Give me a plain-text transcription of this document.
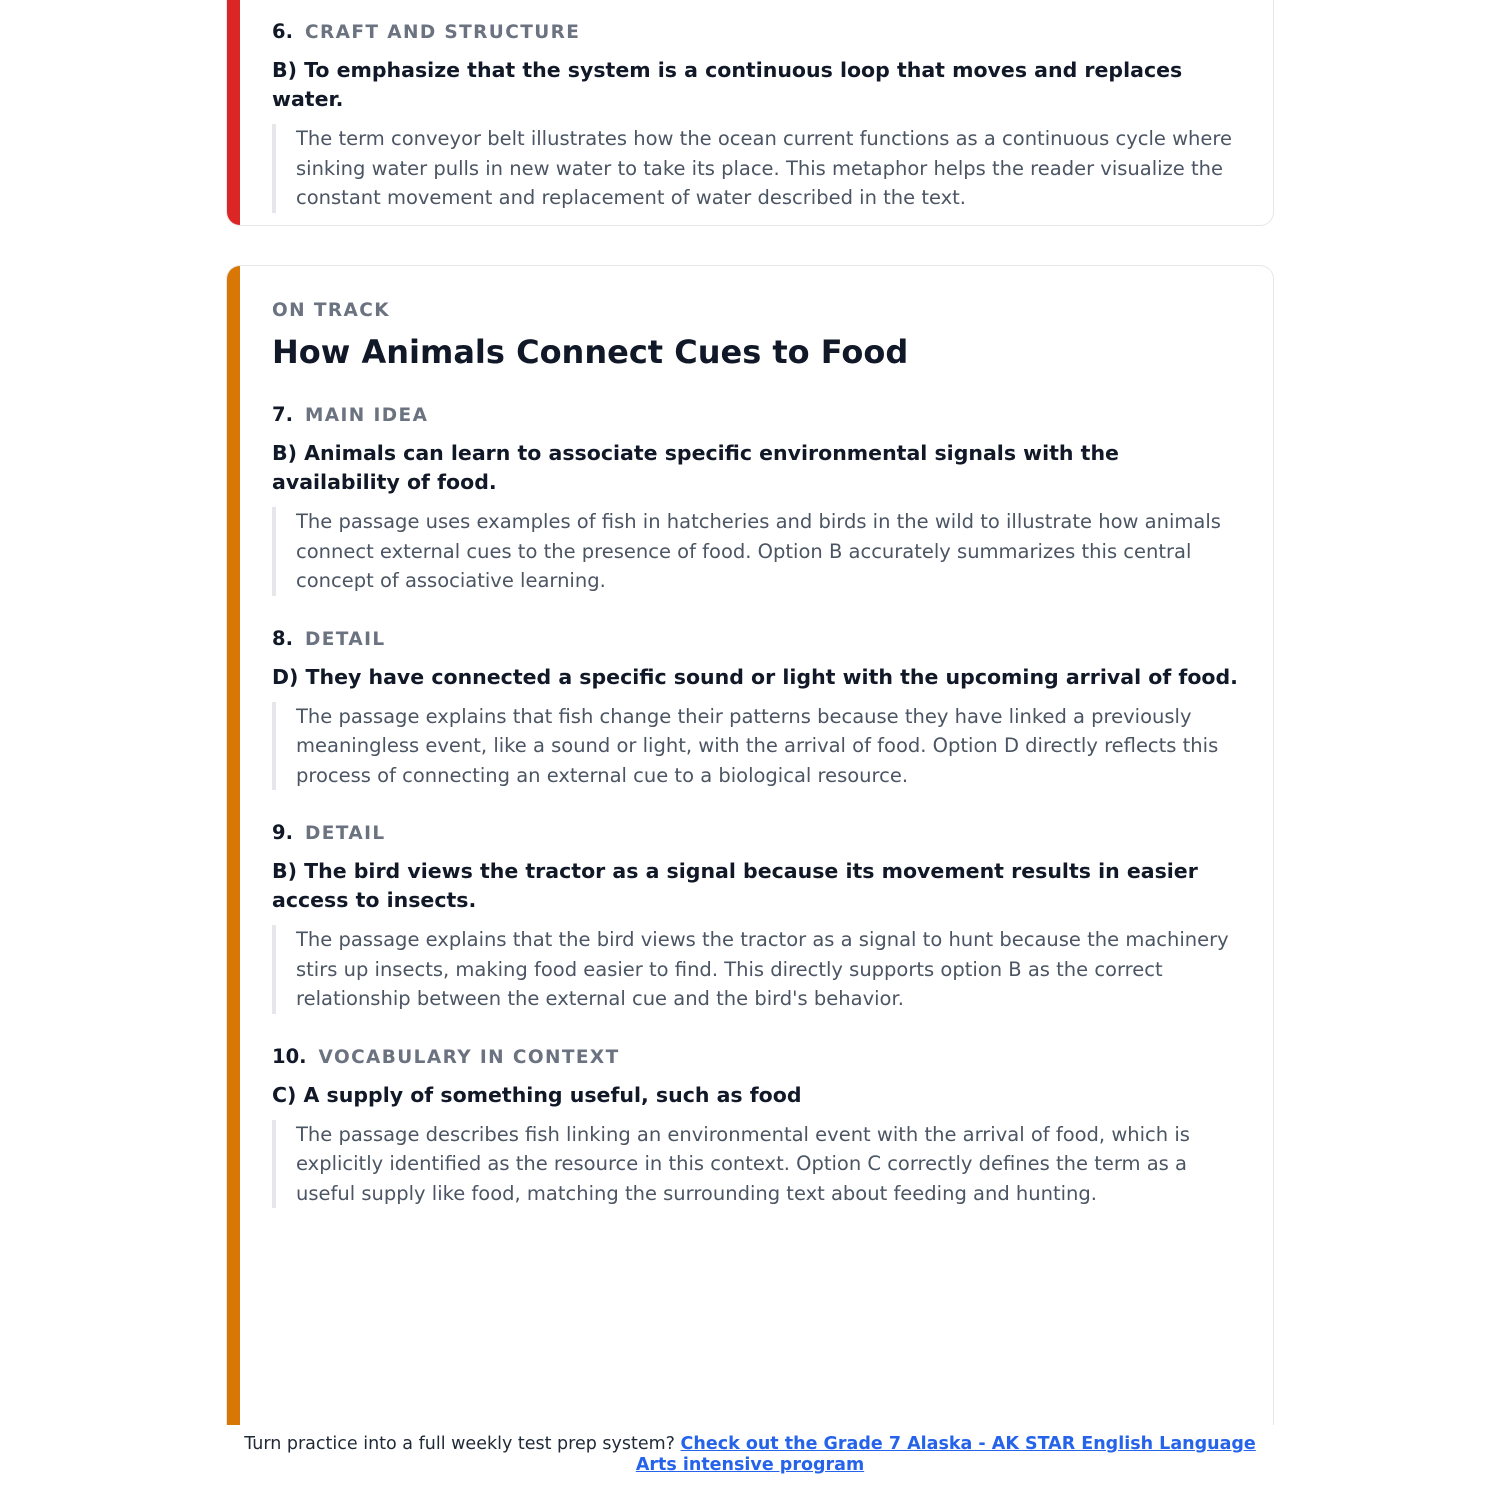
6. CRAFT AND STRUCTURE
B) To emphasize that the system is a continuous loop that moves and replaces water.
The term conveyor belt illustrates how the ocean current functions as a continuous cycle where sinking water pulls in new water to take its place. This metaphor helps the reader visualize the constant movement and replacement of water described in the text.
ON TRACK
How Animals Connect Cues to Food
7. MAIN IDEA
B) Animals can learn to associate specific environmental signals with the availability of food.
The passage uses examples of fish in hatcheries and birds in the wild to illustrate how animals connect external cues to the presence of food. Option B accurately summarizes this central concept of associative learning.
8. DETAIL
D) They have connected a specific sound or light with the upcoming arrival of food.
The passage explains that fish change their patterns because they have linked a previously meaningless event, like a sound or light, with the arrival of food. Option D directly reflects this process of connecting an external cue to a biological resource.
9. DETAIL
B) The bird views the tractor as a signal because its movement results in easier access to insects.
The passage explains that the bird views the tractor as a signal to hunt because the machinery stirs up insects, making food easier to find. This directly supports option B as the correct relationship between the external cue and the bird's behavior.
10. VOCABULARY IN CONTEXT
C) A supply of something useful, such as food
The passage describes fish linking an environmental event with the arrival of food, which is explicitly identified as the resource in this context. Option C correctly defines the term as a useful supply like food, matching the surrounding text about feeding and hunting.
Turn practice into a full weekly test prep system? Check out the Grade 7 Alaska - AK STAR English Language Arts intensive program
